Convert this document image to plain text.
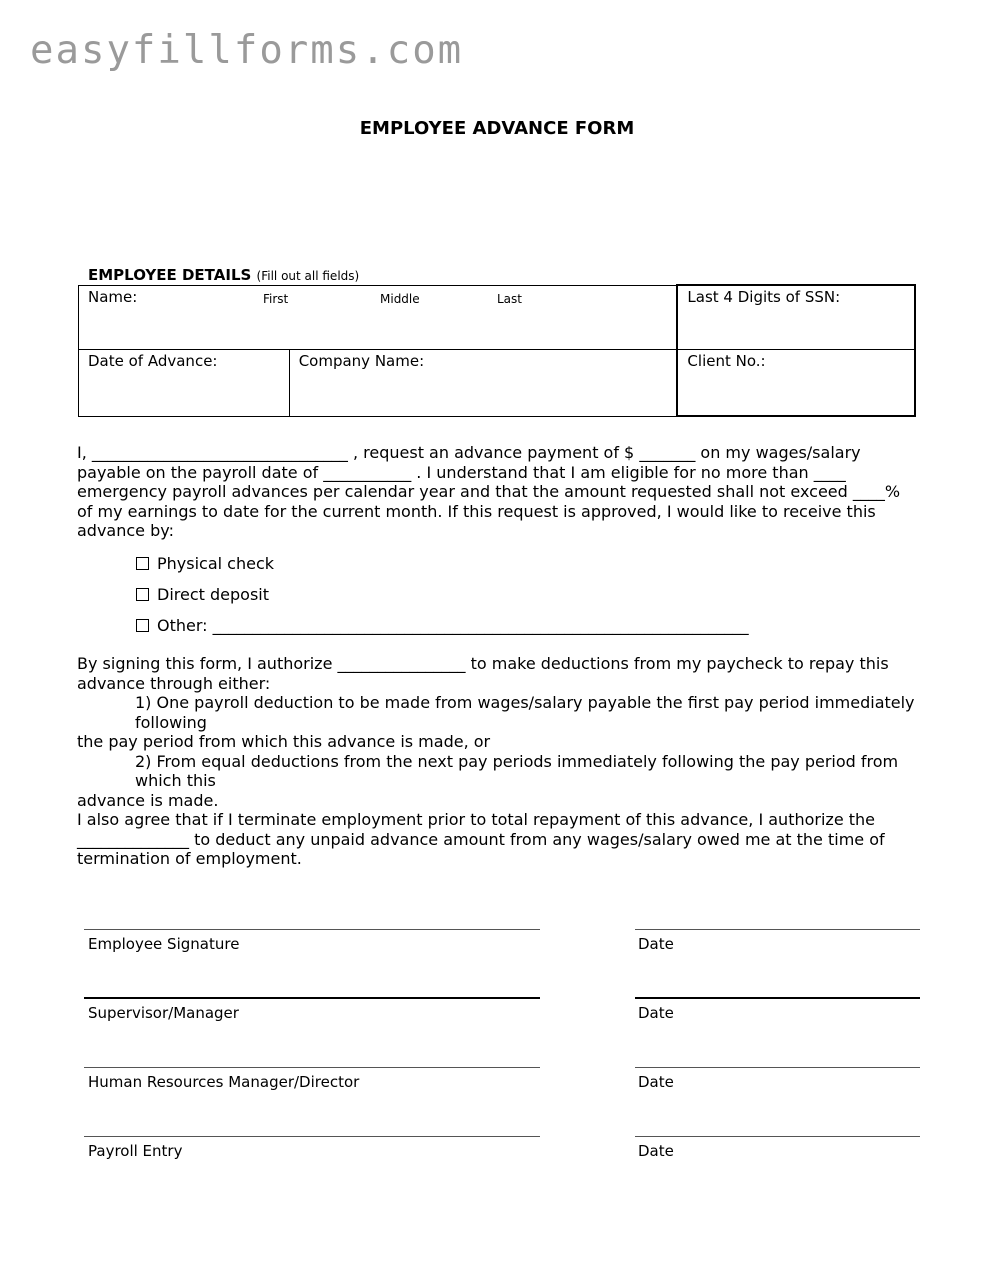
easyfillforms.com
EMPLOYEE ADVANCE FORM
EMPLOYEE DETAILS (Fill out all fields)
Name: First Middle Last		Last 4 Digits of SSN:
Date of Advance:	Company Name:	Client No.:
I, ________________________________ , request an advance payment of $ _______ on my wages/salary payable on the payroll date of ___________ . I understand that I am eligible for no more than ____ emergency payroll advances per calendar year and that the amount requested shall not exceed ____% of my earnings to date for the current month. If this request is approved, I would like to receive this advance by:
Physical check
Direct deposit
Other: ___________________________________________________________________
By signing this form, I authorize ________________ to make deductions from my paycheck to repay this advance through either:
1) One payroll deduction to be made from wages/salary payable the first pay period immediately following
the pay period from which this advance is made, or
2) From equal deductions from the next pay periods immediately following the pay period from which this
advance is made.
I also agree that if I terminate employment prior to total repayment of this advance, I authorize the ______________ to deduct any unpaid advance amount from any wages/salary owed me at the time of termination of employment.
Employee Signature	Date
Supervisor/Manager	Date
Human Resources Manager/Director	Date
Payroll Entry	Date
